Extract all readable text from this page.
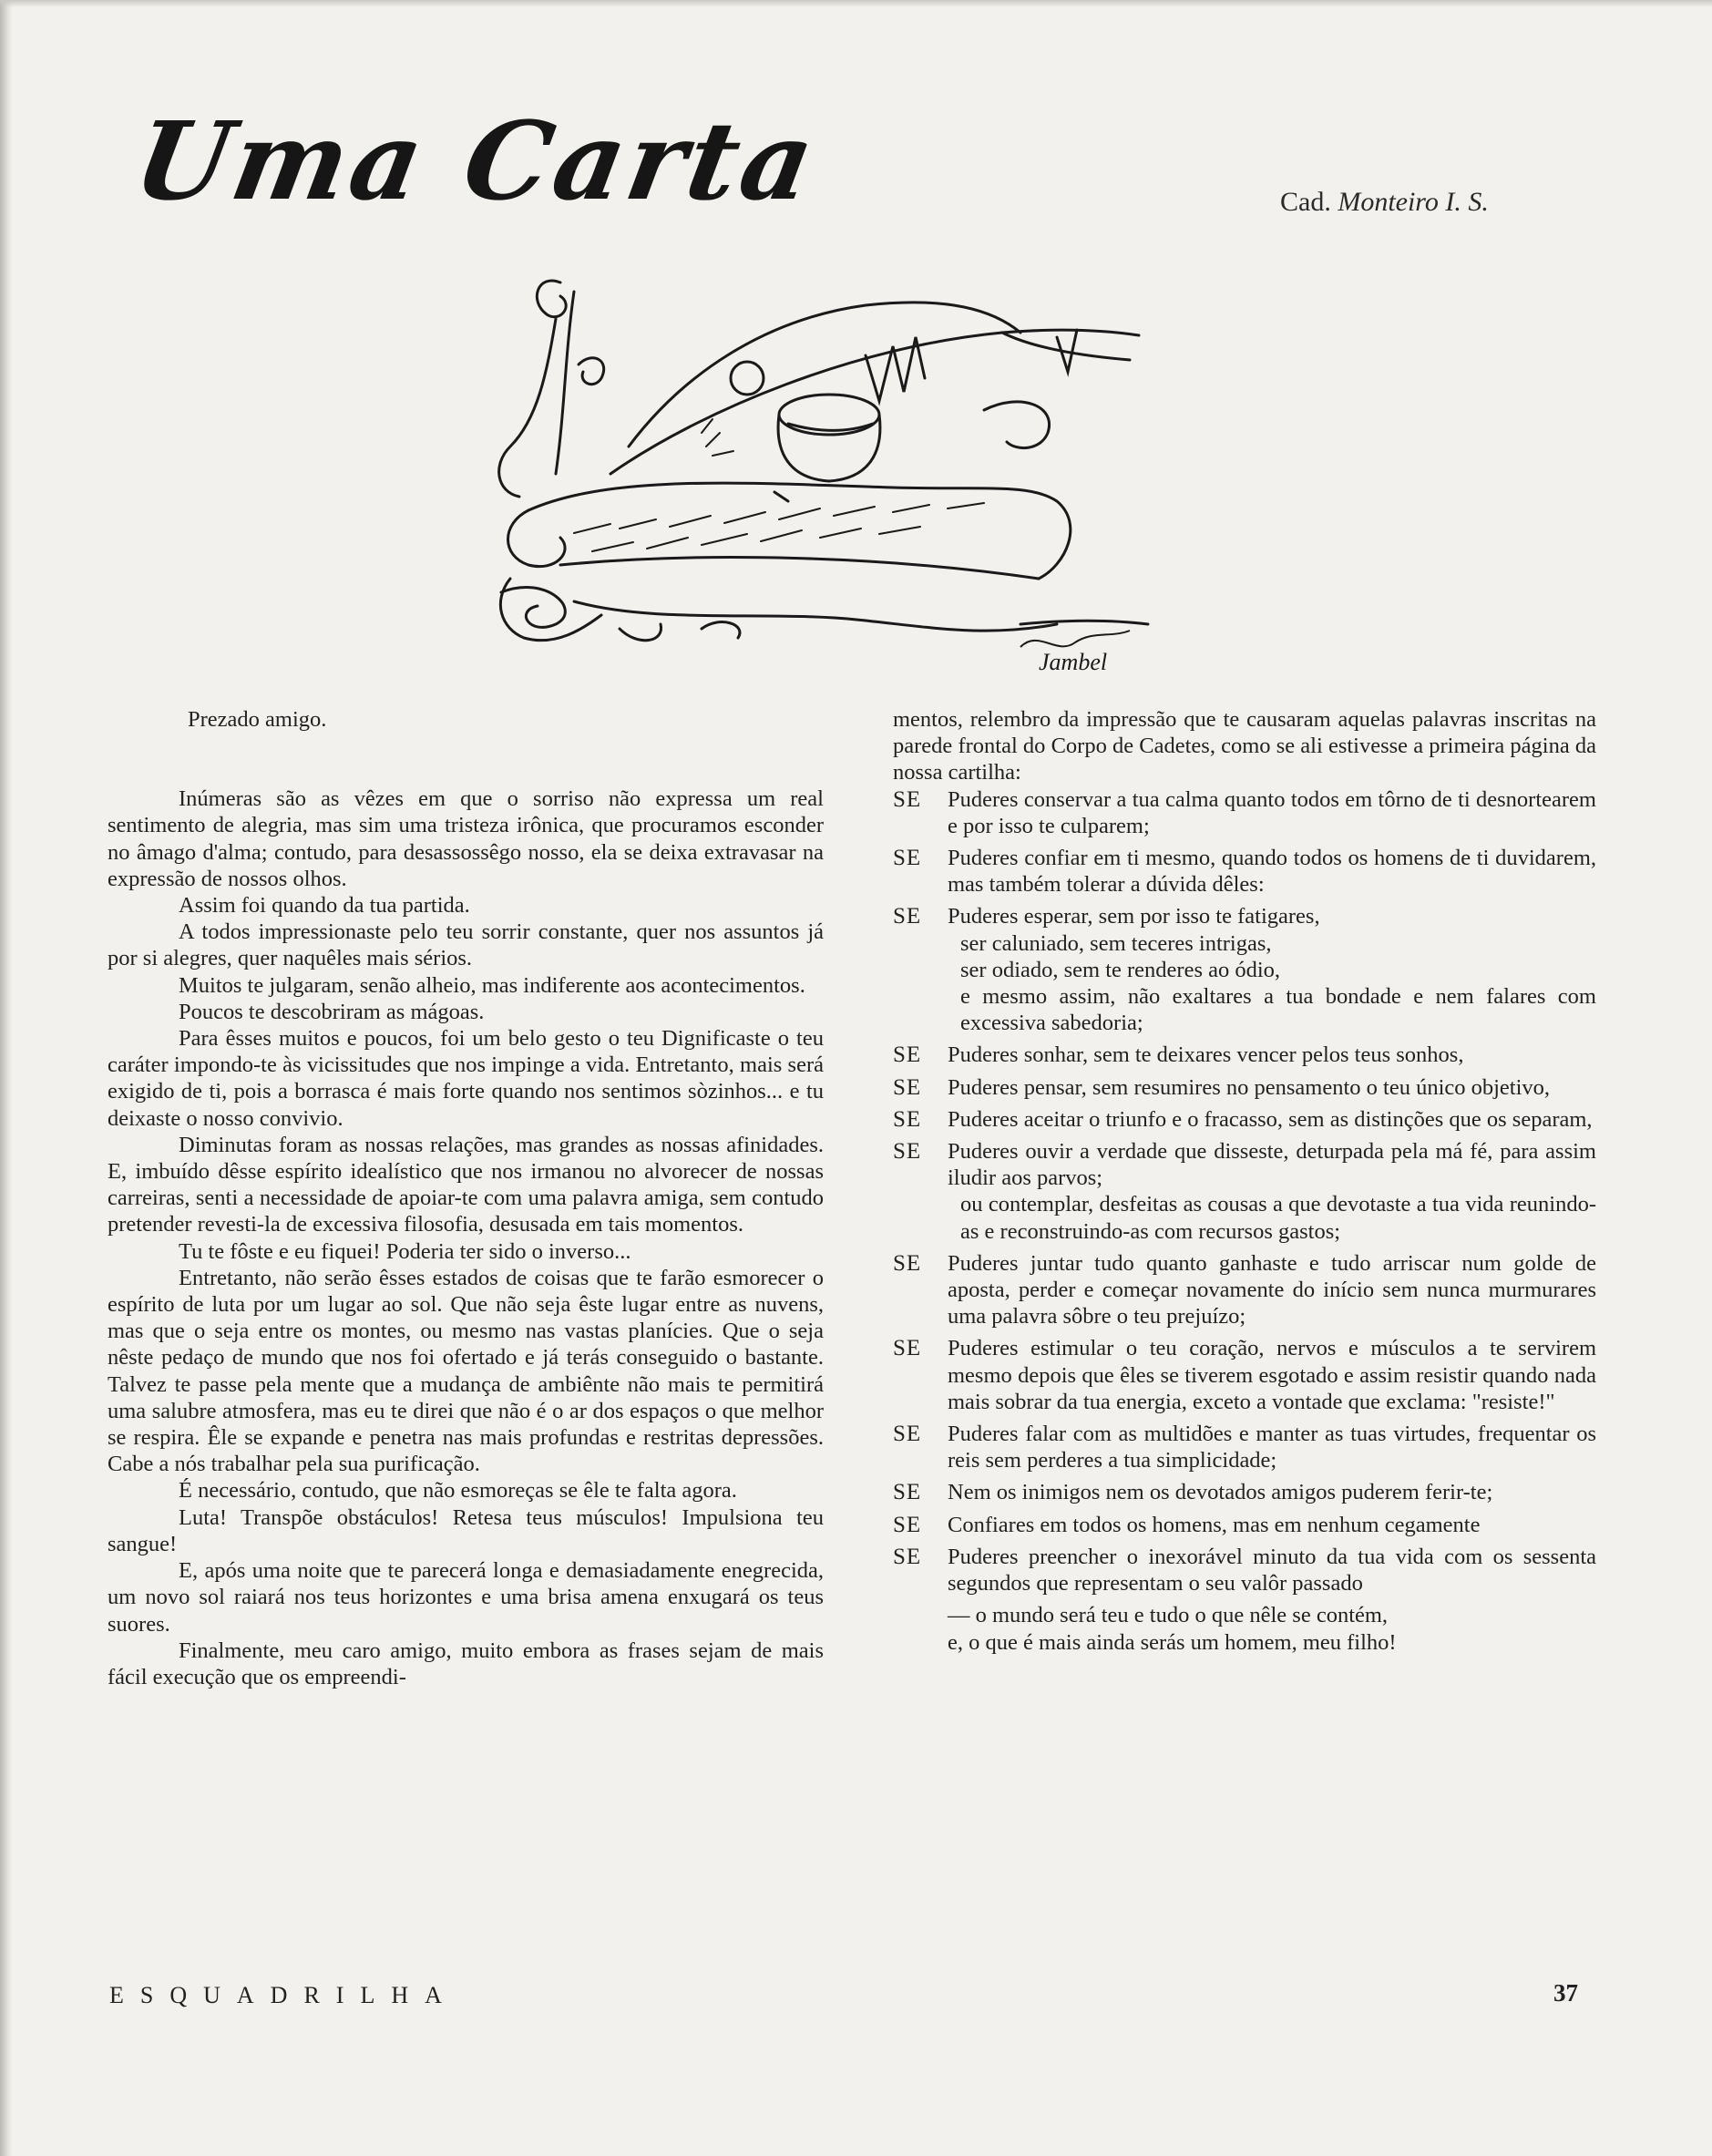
Uma Carta	Cad. Monteiro I. S.
Jambel

Prezado amigo.

Inúmeras são as vêzes em que o sorriso não expressa um real sentimento de alegria, mas sim uma tristeza irônica, que procuramos esconder no âmago d'alma; contudo, para desassossêgo nosso, ela se deixa extravasar na expressão de nossos olhos.

Assim foi quando da tua partida.

A todos impressionaste pelo teu sorrir constante, quer nos assuntos já por si alegres, quer naquêles mais sérios.

Muitos te julgaram, senão alheio, mas indiferente aos acontecimentos.

Poucos te descobriram as mágoas.

Para êsses muitos e poucos, foi um belo gesto o teu Dignificaste o teu caráter impondo-te às vicissitudes que nos impinge a vida. Entretanto, mais será exigido de ti, pois a borrasca é mais forte quando nos sentimos sòzinhos... e tu deixaste o nosso convivio.

Diminutas foram as nossas relações, mas grandes as nossas afinidades. E, imbuído dêsse espírito idealístico que nos irmanou no alvorecer de nossas carreiras, senti a necessidade de apoiar-te com uma palavra amiga, sem contudo pretender revesti-la de excessiva filosofia, desusada em tais momentos.

Tu te fôste e eu fiquei! Poderia ter sido o inverso...

Entretanto, não serão êsses estados de coisas que te farão esmorecer o espírito de luta por um lugar ao sol. Que não seja êste lugar entre as nuvens, mas que o seja entre os montes, ou mesmo nas vastas planícies. Que o seja nêste pedaço de mundo que nos foi ofertado e já terás conseguido o bastante. Talvez te passe pela mente que a mudança de ambiênte não mais te permitirá uma salubre atmosfera, mas eu te direi que não é o ar dos espaços o que melhor se respira. Êle se expande e penetra nas mais profundas e restritas depressões. Cabe a nós trabalhar pela sua purificação.

É necessário, contudo, que não esmoreças se êle te falta agora.

Luta! Transpõe obstáculos! Retesa teus músculos! Impulsiona teu sangue!

E, após uma noite que te parecerá longa e demasiadamente enegrecida, um novo sol raiará nos teus horizontes e uma brisa amena enxugará os teus suores.

Finalmente, meu caro amigo, muito embora as frases sejam de mais fácil execução que os empreendi-

mentos, relembro da impressão que te causaram aquelas palavras inscritas na parede frontal do Corpo de Cadetes, como se ali estivesse a primeira página da nossa cartilha:

SE Puderes conservar a tua calma quanto todos em tôrno de ti desnortearem e por isso te culparem;
SE Puderes confiar em ti mesmo, quando todos os homens de ti duvidarem, mas também tolerar a dúvida dêles:
SE Puderes esperar, sem por isso te fatigares,
ser caluniado, sem teceres intrigas,
ser odiado, sem te renderes ao ódio,
e mesmo assim, não exaltares a tua bondade e nem falares com excessiva sabedoria;
SE Puderes sonhar, sem te deixares vencer pelos teus sonhos,
SE Puderes pensar, sem resumires no pensamento o teu único objetivo,
SE Puderes aceitar o triunfo e o fracasso, sem as distinções que os separam,
SE Puderes ouvir a verdade que disseste, deturpada pela má fé, para assim iludir aos parvos;
ou contemplar, desfeitas as cousas a que devotaste a tua vida reunindo-as e reconstruindo-as com recursos gastos;
SE Puderes juntar tudo quanto ganhaste e tudo arriscar num golde de aposta, perder e começar novamente do início sem nunca murmurares uma palavra sôbre o teu prejuízo;
SE Puderes estimular o teu coração, nervos e músculos a te servirem mesmo depois que êles se tiverem esgotado e assim resistir quando nada mais sobrar da tua energia, exceto a vontade que exclama: "resiste!"
SE Puderes falar com as multidões e manter as tuas virtudes, frequentar os reis sem perderes a tua simplicidade;
SE Nem os inimigos nem os devotados amigos puderem ferir-te;
SE Confiares em todos os homens, mas em nenhum cegamente
SE Puderes preencher o inexorável minuto da tua vida com os sessenta segundos que representam o seu valôr passado
— o mundo será teu e tudo o que nêle se contém,
e, o que é mais ainda serás um homem, meu filho!
ESQUADRILHA	37
